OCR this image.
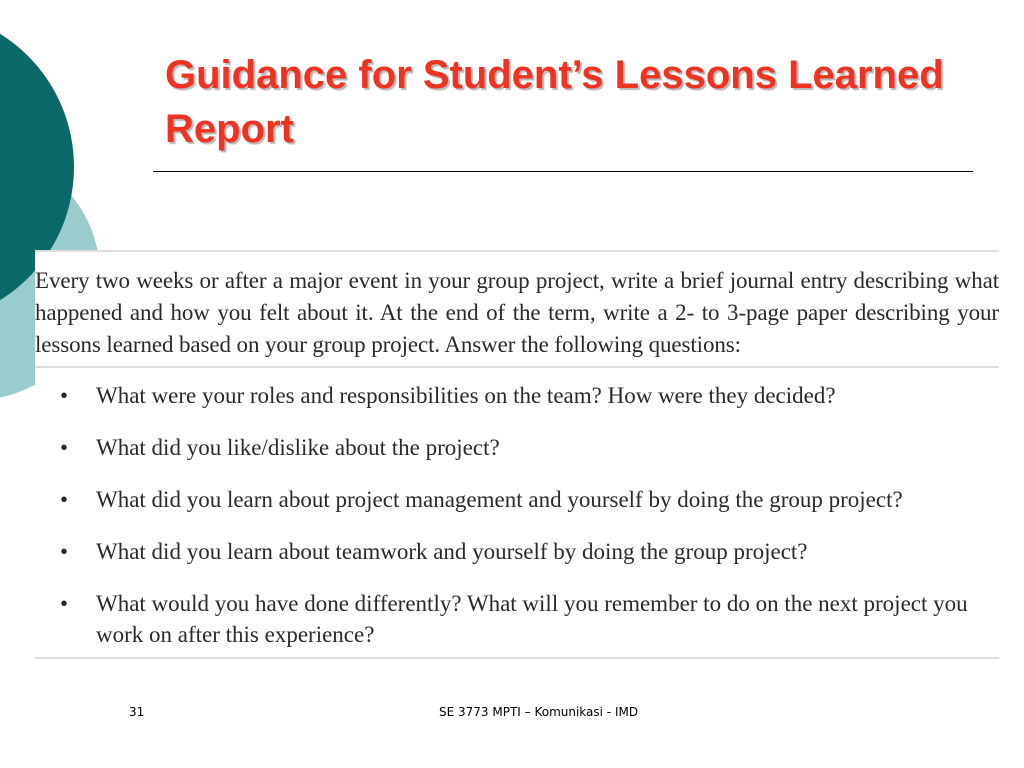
Guidance for Student’s Lessons Learned Report

Every two weeks or after a major event in your group project, write a brief journal entry describing what happened and how you felt about it. At the end of the term, write a 2- to 3-page paper describing your lessons learned based on your group project. Answer the following questions:

• What were your roles and responsibilities on the team? How were they decided?
• What did you like/dislike about the project?
• What did you learn about project management and yourself by doing the group project?
• What did you learn about teamwork and yourself by doing the group project?
• What would you have done differently? What will you remember to do on the next project you work on after this experience?
31	SE 3773 MPTI – Komunikasi - IMD
